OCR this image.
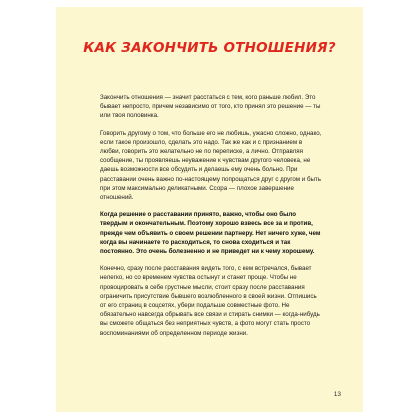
КАК ЗАКОНЧИТЬ ОТНОШЕНИЯ?

Закончить отношения — значит расстаться с тем, кого раньше любил. Это бывает непросто, причем независимо от того, кто принял это решение — ты или твоя половинка.

Говорить другому о том, что больше его не любишь, ужасно сложно, однако, если такое произошло, сделать это надо. Так же как и с признанием в любви, говорить это желательно не по переписке, а лично. Отправляя сообщение, ты проявляешь неуважение к чувствам другого человека, не даешь возможности все обсудить и делаешь ему очень больно. При расставании очень важно по-настоящему попрощаться друг с другом и быть при этом максимально деликатными. Ссора — плохое завершение отношений.

Когда решение о расставании принято, важно, чтобы оно было твердым и окончательным. Поэтому хорошо взвесь все за и против, прежде чем объявить о своем решении партнеру. Нет ничего хуже, чем когда вы начинаете то расходиться, то снова сходиться и так постоянно. Это очень болезненно и не приведет ни к чему хорошему.

Конечно, сразу после расставания видеть того, с кем встречался, бывает нелегко, но со временем чувства остынут и станет проще. Чтобы не провоцировать в себе грустные мысли, стоит сразу после расставания ограничить присутствие бывшего возлюбленного в своей жизни. Отпишись от его страниц в соцсетях, убери подальше совместные фото. Не обязательно навсегда обрывать все связи и стирать снимки — когда-нибудь вы сможете общаться без неприятных чувств, а фото могут стать просто воспоминаниями об определенном периоде жизни.

13
